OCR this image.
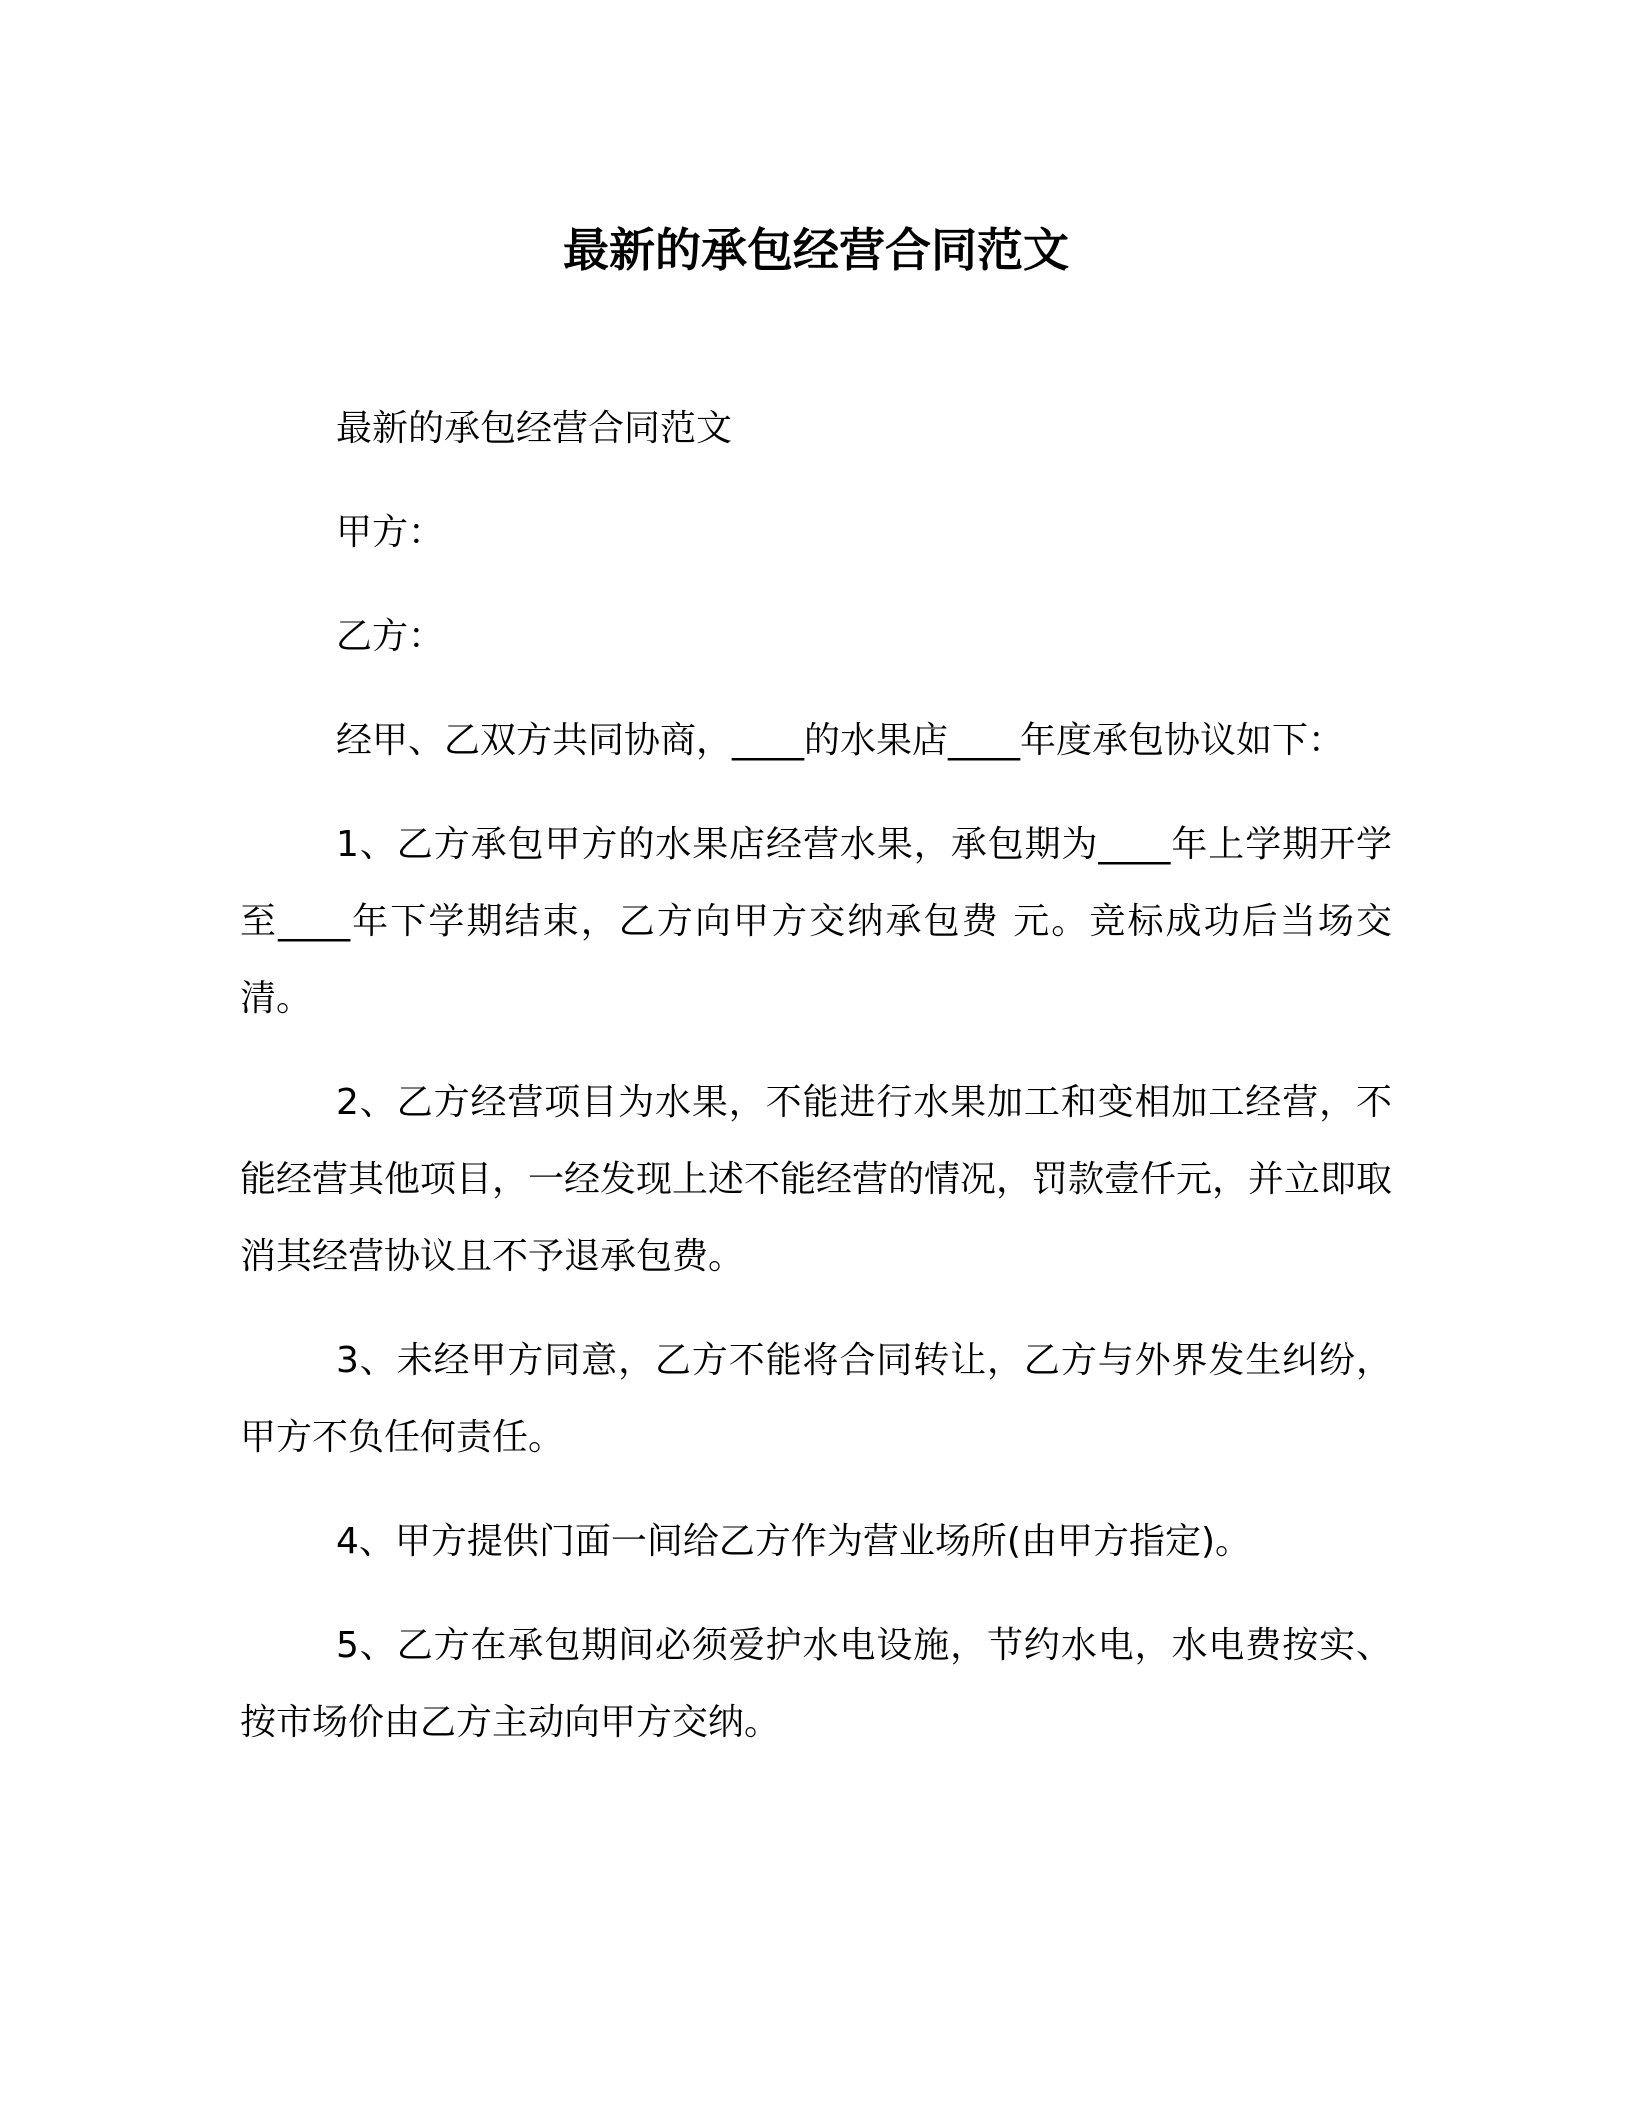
最新的承包经营合同范文

最新的承包经营合同范文

甲方：

乙方：

经甲、乙双方共同协商，____的水果店____年度承包协议如下：

1、乙方承包甲方的水果店经营水果，承包期为____年上学期开学至____年下学期结束，乙方向甲方交纳承包费 元。竞标成功后当场交清。

2、乙方经营项目为水果，不能进行水果加工和变相加工经营，不能经营其他项目，一经发现上述不能经营的情况，罚款壹仟元，并立即取消其经营协议且不予退承包费。

3、未经甲方同意，乙方不能将合同转让，乙方与外界发生纠纷，甲方不负任何责任。

4、甲方提供门面一间给乙方作为营业场所(由甲方指定)。

5、乙方在承包期间必须爱护水电设施，节约水电，水电费按实、按市场价由乙方主动向甲方交纳。
